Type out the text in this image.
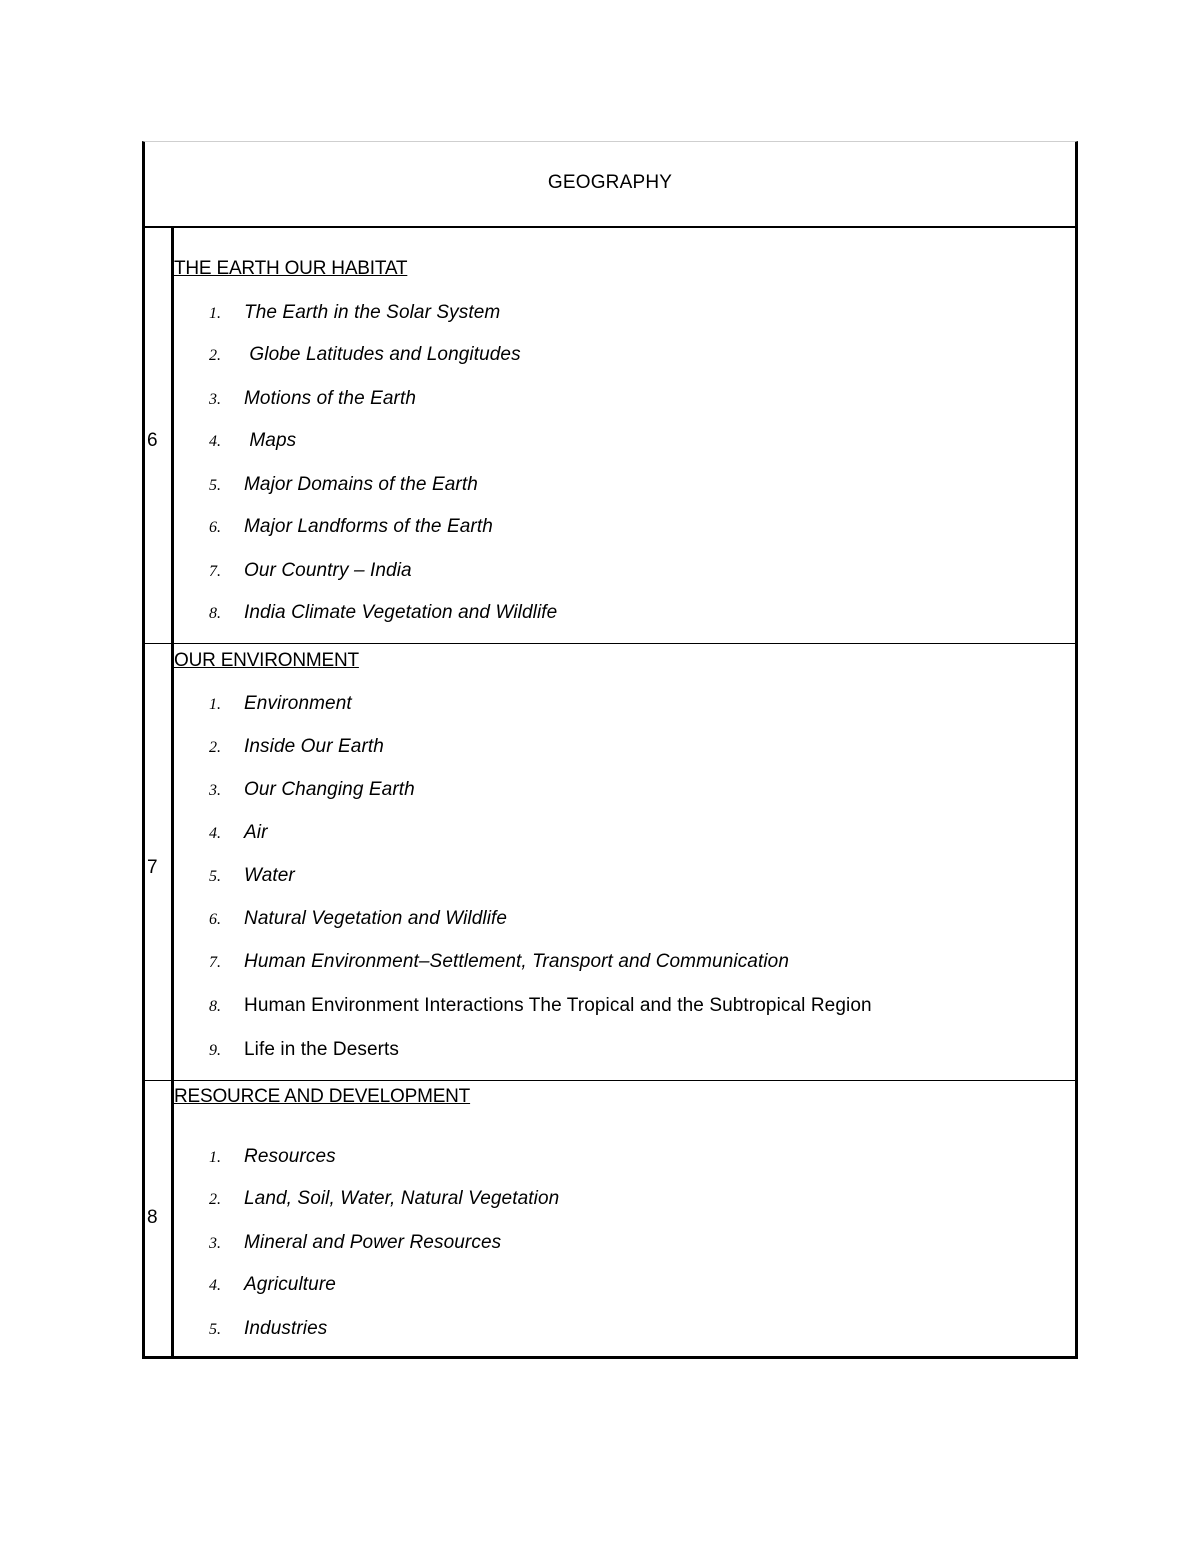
GEOGRAPHY
6
THE EARTH OUR HABITAT
1. The Earth in the Solar System
2. Globe Latitudes and Longitudes
3. Motions of the Earth
4. Maps
5. Major Domains of the Earth
6. Major Landforms of the Earth
7. Our Country – India
8. India Climate Vegetation and Wildlife
7
OUR ENVIRONMENT
1. Environment
2. Inside Our Earth
3. Our Changing Earth
4. Air
5. Water
6. Natural Vegetation and Wildlife
7. Human Environment–Settlement, Transport and Communication
8. Human Environment Interactions The Tropical and the Subtropical Region
9. Life in the Deserts
8
RESOURCE AND DEVELOPMENT
1. Resources
2. Land, Soil, Water, Natural Vegetation
3. Mineral and Power Resources
4. Agriculture
5. Industries
